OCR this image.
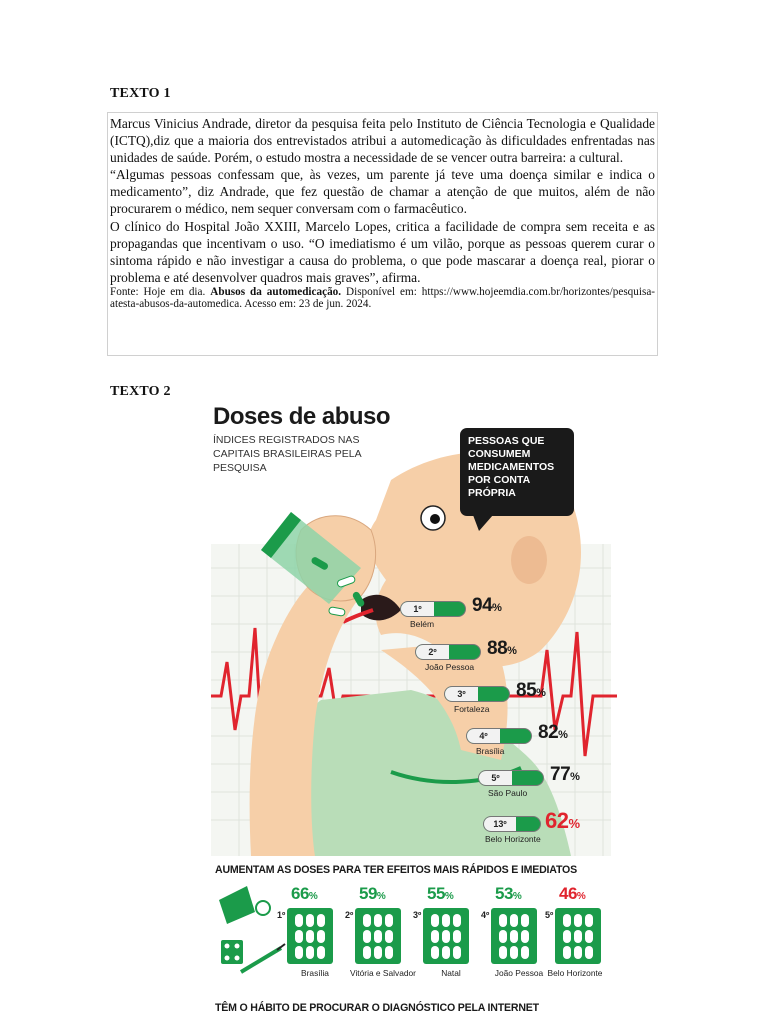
TEXTO 1

Marcus Vinicius Andrade, diretor da pesquisa feita pelo Instituto de Ciência Tecnologia e Qualidade (ICTQ),diz que a maioria dos entrevistados atribui a automedicação às dificuldades enfrentadas nas unidades de saúde. Porém, o estudo mostra a necessidade de se vencer outra barreira: a cultural.

“Algumas pessoas confessam que, às vezes, um parente já teve uma doença similar e indica o medicamento”, diz Andrade, que fez questão de chamar a atenção de que muitos, além de não procurarem o médico, nem sequer conversam com o farmacêutico.

O clínico do Hospital João XXIII, Marcelo Lopes, critica a facilidade de compra sem receita e as propagandas que incentivam o uso. “O imediatismo é um vilão, porque as pessoas querem curar o sintoma rápido e não investigar a causa do problema, o que pode mascarar a doença real, piorar o problema e até desenvolver quadros mais graves”, afirma.

Fonte: Hoje em dia. Abusos da automedicação. Disponível em: https://www.hojeemdia.com.br/horizontes/pesquisa-atesta-abusos-da-automedica. Acesso em: 23 de jun. 2024.

TEXTO 2
Doses de abuso
ÍNDICES REGISTRADOS NAS CAPITAIS BRASILEIRAS PELA PESQUISA
PESSOAS QUE CONSUMEM MEDICAMENTOS POR CONTA PRÓPRIA
1º	94%
Belém
2º	88%
João Pessoa
3º	85%
Fortaleza
4º	82%
Brasília
5º	77%
São Paulo
13º	62%
Belo Horizonte
AUMENTAM AS DOSES PARA TER EFEITOS MAIS RÁPIDOS E IMEDIATOS
1º
66%
Brasília
2º
59%
Vitória e Salvador
3º
55%
Natal
4º
53%
João Pessoa
5º
46%
Belo Horizonte
TÊM O HÁBITO DE PROCURAR O DIAGNÓSTICO PELA INTERNET
